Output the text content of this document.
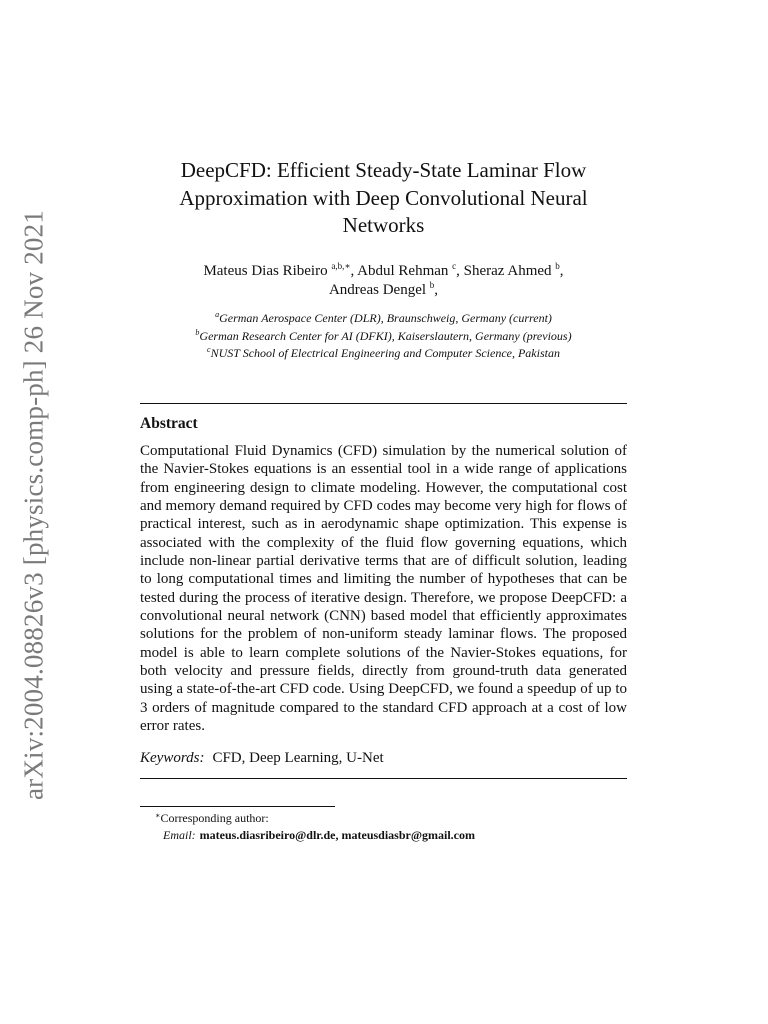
arXiv:2004.08826v3 [physics.comp-ph] 26 Nov 2021
DeepCFD: Efficient Steady-State Laminar Flow
Approximation with Deep Convolutional Neural
Networks
Mateus Dias Ribeiro $^{a,b,∗}$, Abdul Rehman $^c$, Sheraz Ahmed $^b$,
Andreas Dengel $^b$,
$^a$German Aerospace Center (DLR), Braunschweig, Germany (current)
$^b$German Research Center for AI (DFKI), Kaiserslautern, Germany (previous)
$^c$NUST School of Electrical Engineering and Computer Science, Pakistan
Abstract
Computational Fluid Dynamics (CFD) simulation by the numerical solution of the Navier-Stokes equations is an essential tool in a wide range of applications from engineering design to climate modeling. However, the computational cost and memory demand required by CFD codes may become very high for flows of practical interest, such as in aerodynamic shape optimization. This expense is associated with the complexity of the fluid flow governing equations, which include non-linear partial derivative terms that are of difficult solution, leading to long computational times and limiting the number of hypotheses that can be tested during the process of iterative design. Therefore, we propose DeepCFD: a convolutional neural network (CNN) based model that efficiently approximates solutions for the problem of non-uniform steady laminar flows. The proposed model is able to learn complete solutions of the Navier-Stokes equations, for both velocity and pressure fields, directly from ground-truth data generated using a state-of-the-art CFD code. Using DeepCFD, we found a speedup of up to 3 orders of magnitude compared to the standard CFD approach at a cost of low error rates.
Keywords: CFD, Deep Learning, U-Net
∗Corresponding author:
Email: mateus.diasribeiro@dlr.de, mateusdiasbr@gmail.com
